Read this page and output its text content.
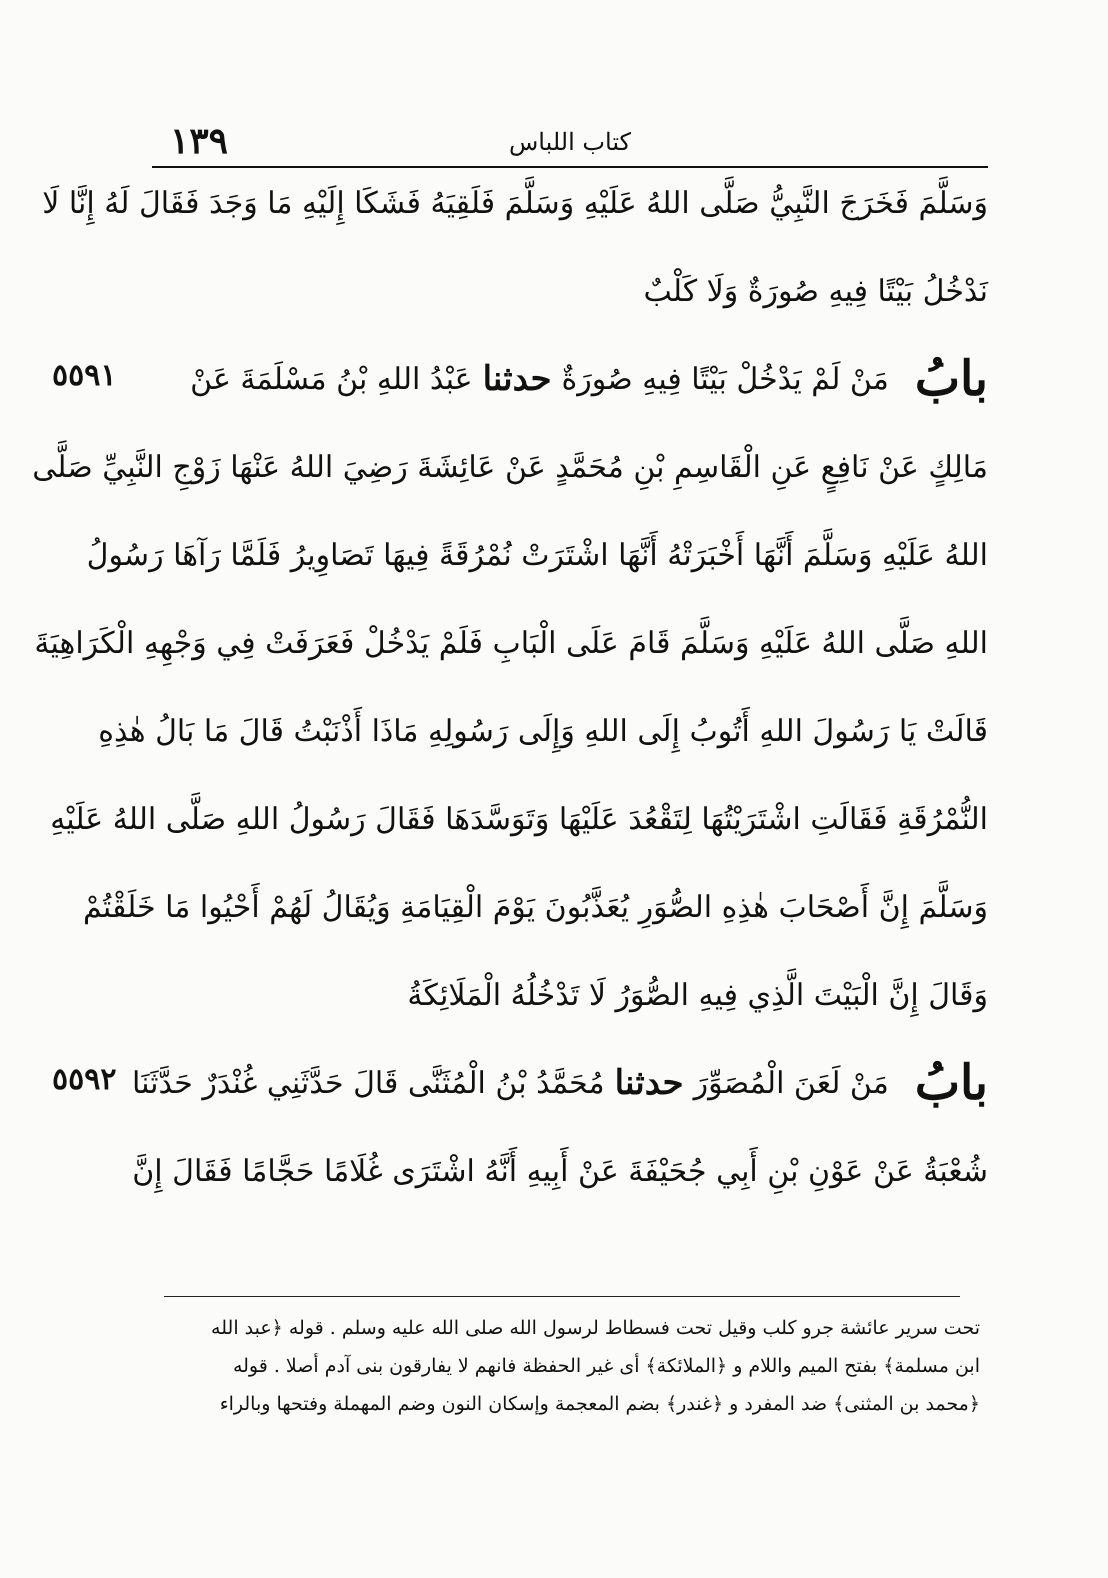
١٣٩	كتاب اللباس
وَسَلَّمَ فَخَرَجَ النَّبِيُّ صَلَّى اللهُ عَلَيْهِ وَسَلَّمَ فَلَقِيَهُ فَشَكَا إِلَيْهِ مَا وَجَدَ فَقَالَ لَهُ إِنَّا لَا
نَدْخُلُ بَيْتًا فِيهِ صُورَةٌ وَلَا كَلْبٌ
بابُ
مَنْ لَمْ يَدْخُلْ بَيْتًا فِيهِ صُورَةٌ
حدثنا
عَبْدُ اللهِ بْنُ مَسْلَمَةَ عَنْ
٥٥٩١
مَالِكٍ عَنْ نَافِعٍ عَنِ الْقَاسِمِ بْنِ مُحَمَّدٍ عَنْ عَائِشَةَ رَضِيَ اللهُ عَنْهَا زَوْجِ النَّبِيِّ صَلَّى
اللهُ عَلَيْهِ وَسَلَّمَ أَنَّهَا أَخْبَرَتْهُ أَنَّهَا اشْتَرَتْ نُمْرُقَةً فِيهَا تَصَاوِيرُ فَلَمَّا رَآهَا رَسُولُ
اللهِ صَلَّى اللهُ عَلَيْهِ وَسَلَّمَ قَامَ عَلَى الْبَابِ فَلَمْ يَدْخُلْ فَعَرَفَتْ فِي وَجْهِهِ الْكَرَاهِيَةَ
قَالَتْ يَا رَسُولَ اللهِ أَتُوبُ إِلَى اللهِ وَإِلَى رَسُولِهِ مَاذَا أَذْنَبْتُ قَالَ مَا بَالُ هٰذِهِ
النُّمْرُقَةِ فَقَالَتِ اشْتَرَيْتُهَا لِتَقْعُدَ عَلَيْهَا وَتَوَسَّدَهَا فَقَالَ رَسُولُ اللهِ صَلَّى اللهُ عَلَيْهِ
وَسَلَّمَ إِنَّ أَصْحَابَ هٰذِهِ الصُّوَرِ يُعَذَّبُونَ يَوْمَ الْقِيَامَةِ وَيُقَالُ لَهُمْ أَحْيُوا مَا خَلَقْتُمْ
وَقَالَ إِنَّ الْبَيْتَ الَّذِي فِيهِ الصُّوَرُ لَا تَدْخُلُهُ الْمَلَائِكَةُ
بابُ
مَنْ لَعَنَ الْمُصَوِّرَ
حدثنا
مُحَمَّدُ بْنُ الْمُثَنَّى قَالَ حَدَّثَنِي غُنْدَرٌ حَدَّثَنَا
٥٥٩٢
شُعْبَةُ عَنْ عَوْنِ بْنِ أَبِي جُحَيْفَةَ عَنْ أَبِيهِ أَنَّهُ اشْتَرَى غُلَامًا حَجَّامًا فَقَالَ إِنَّ
تحت سرير عائشة جرو كلب وقيل تحت فسطاط لرسول الله صلى الله عليه وسلم . قوله ﴿عبد الله
ابن مسلمة﴾ بفتح الميم واللام و ﴿الملائكة﴾ أى غير الحفظة فانهم لا يفارقون بنى آدم أصلا . قوله
﴿محمد بن المثنى﴾ ضد المفرد و ﴿غندر﴾ بضم المعجمة وإسكان النون وضم المهملة وفتحها وبالراء
